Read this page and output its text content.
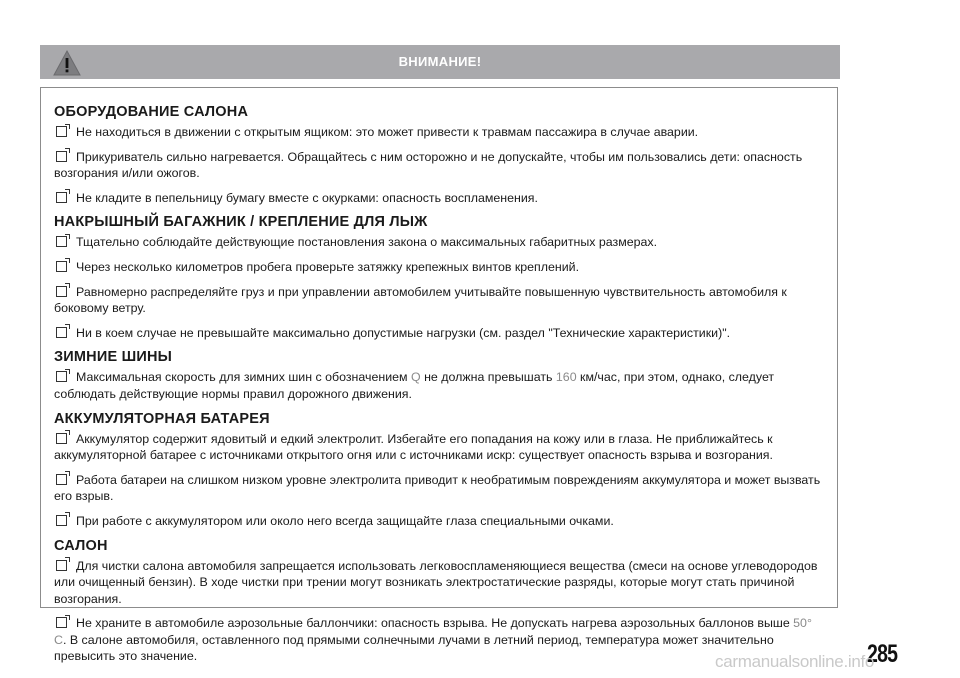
ВНИМАНИЕ!
ОБОРУДОВАНИЕ САЛОНА
Не находиться в движении с открытым ящиком: это может привести к травмам пассажира в случае аварии.
Прикуриватель сильно нагревается. Обращайтесь с ним осторожно и не допускайте, чтобы им пользовались дети: опасность возгорания и/или ожогов.
Не кладите в пепельницу бумагу вместе с окурками: опасность воспламенения.
НАКРЫШНЫЙ БАГАЖНИК / КРЕПЛЕНИЕ ДЛЯ ЛЫЖ
Тщательно соблюдайте действующие постановления закона о максимальных габаритных размерах.
Через несколько километров пробега проверьте затяжку крепежных винтов креплений.
Равномерно распределяйте груз и при управлении автомобилем учитывайте повышенную чувствительность автомобиля к боковому ветру.
Ни в коем случае не превышайте максимально допустимые нагрузки (см. раздел "Технические характеристики)".
ЗИМНИЕ ШИНЫ
Максимальная скорость для зимних шин с обозначением Q не должна превышать 160 км/час, при этом, однако, следует соблюдать действующие нормы правил дорожного движения.
АККУМУЛЯТОРНАЯ БАТАРЕЯ
Аккумулятор содержит ядовитый и едкий электролит. Избегайте его попадания на кожу или в глаза. Не приближайтесь к аккумуляторной батарее с источниками открытого огня или с источниками искр: существует опасность взрыва и возгорания.
Работа батареи на слишком низком уровне электролита приводит к необратимым повреждениям аккумулятора и может вызвать его взрыв.
При работе с аккумулятором или около него всегда защищайте глаза специальными очками.
САЛОН
Для чистки салона автомобиля запрещается использовать легковоспламеняющиеся вещества (смеси на основе углеводородов или очищенный бензин). В ходе чистки при трении могут возникать электростатические разряды, которые могут стать причиной возгорания.
Не храните в автомобиле аэрозольные баллончики: опасность взрыва. Не допускать нагрева аэрозольных баллонов выше 50° C. В салоне автомобиля, оставленного под прямыми солнечными лучами в летний период, температура может значительно превысить это значение.	285
carmanualsonline.info
